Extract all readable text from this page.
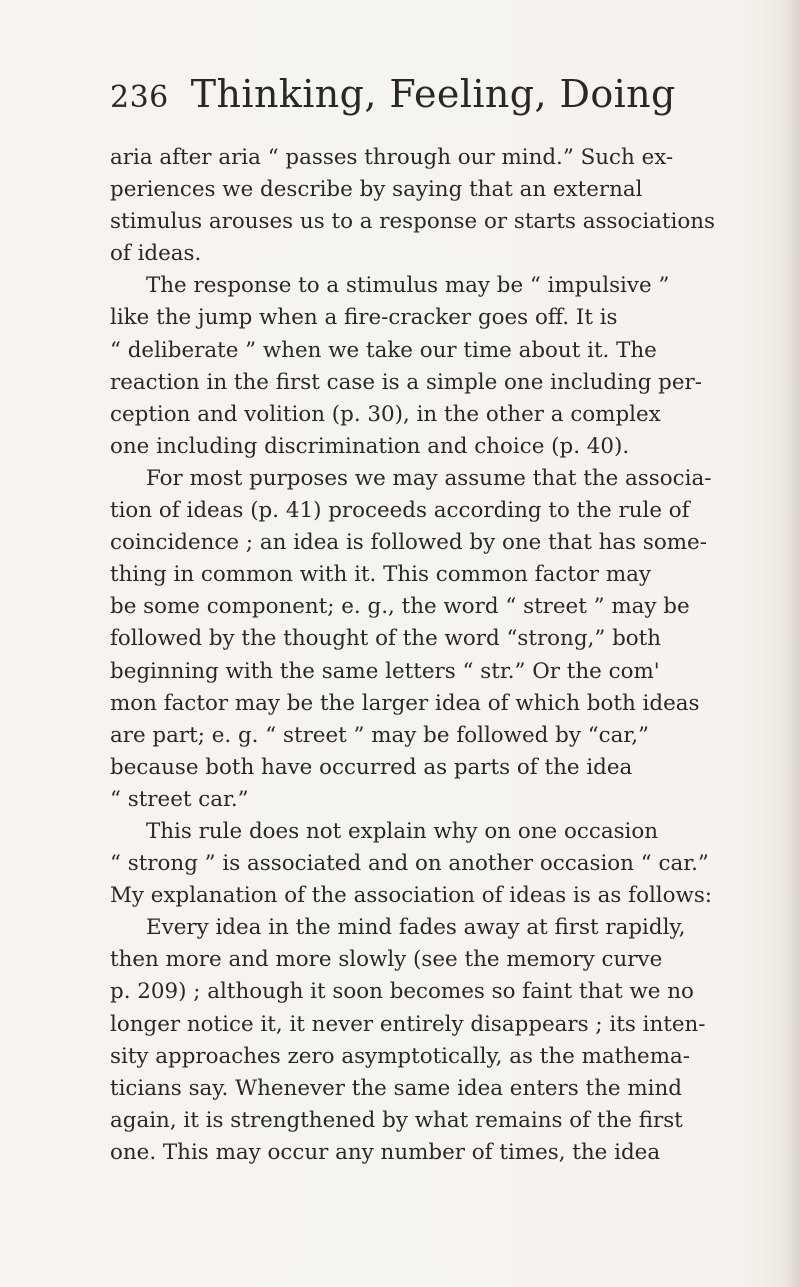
236 Thinking, Feeling, Doing
aria after aria “ passes through our mind.” Such ex-
periences we describe by saying that an external
stimulus arouses us to a response or starts associations
of ideas.
The response to a stimulus may be “ impulsive ”
like the jump when a fire-cracker goes off. It is
“ deliberate ” when we take our time about it. The
reaction in the first case is a simple one including per-
ception and volition (p. 30), in the other a complex
one including discrimination and choice (p. 40).
For most purposes we may assume that the associa-
tion of ideas (p. 41) proceeds according to the rule of
coincidence ; an idea is followed by one that has some-
thing in common with it. This common factor may
be some component; e. g., the word “ street ” may be
followed by the thought of the word “strong,” both
beginning with the same letters “ str.” Or the com'
mon factor may be the larger idea of which both ideas
are part; e. g. “ street ” may be followed by “car,”
because both have occurred as parts of the idea
“ street car.”
This rule does not explain why on one occasion
“ strong ” is associated and on another occasion “ car.”
My explanation of the association of ideas is as follows:
Every idea in the mind fades away at first rapidly,
then more and more slowly (see the memory curve
p. 209) ; although it soon becomes so faint that we no
longer notice it, it never entirely disappears ; its inten-
sity approaches zero asymptotically, as the mathema-
ticians say. Whenever the same idea enters the mind
again, it is strengthened by what remains of the first
one. This may occur any number of times, the idea
